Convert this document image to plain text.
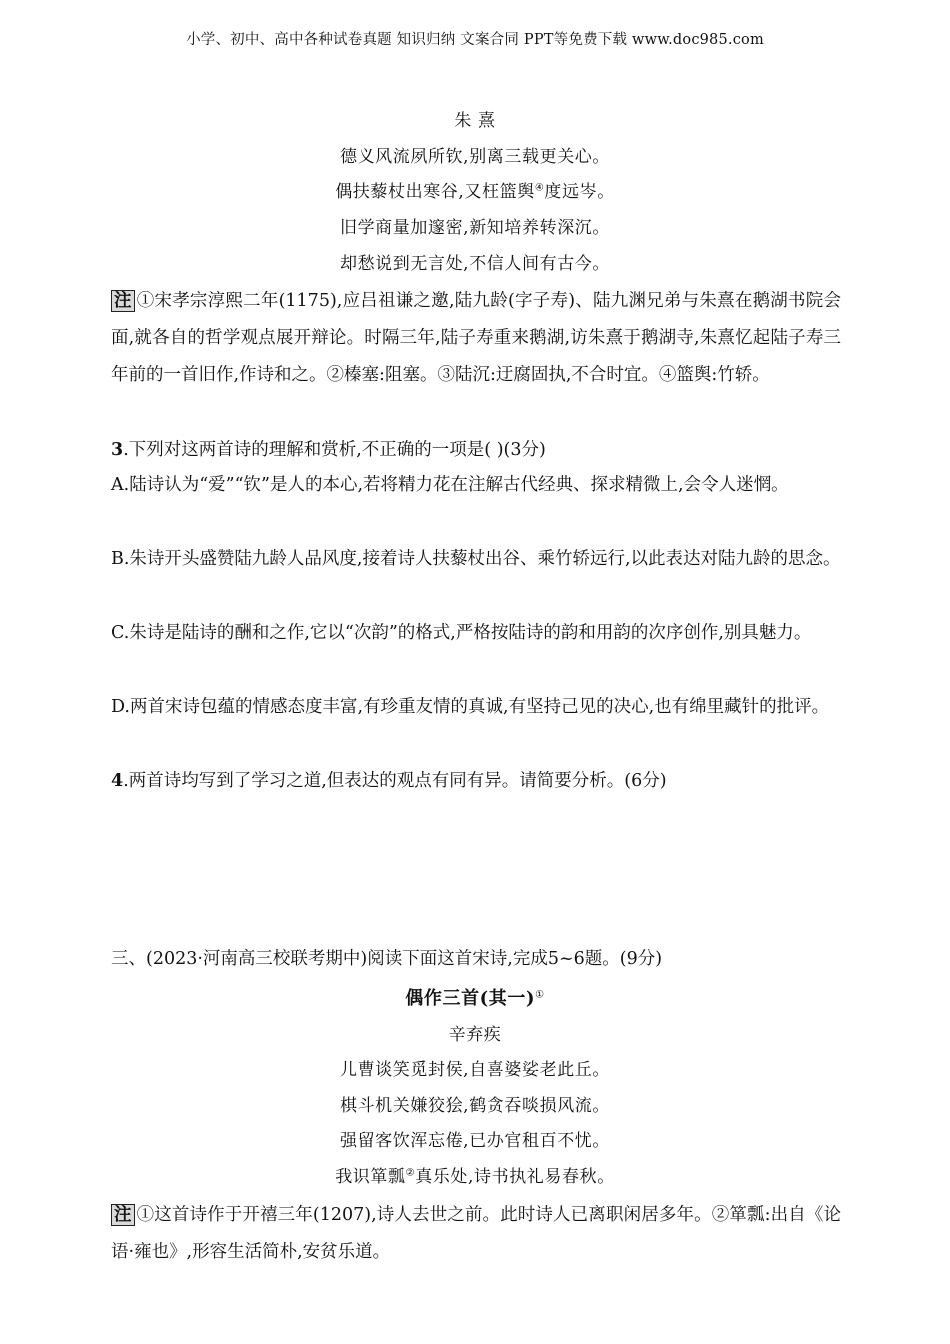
小学、初中、高中各种试卷真题 知识归纳 文案合同 PPT等免费下载 www.doc985.com
朱 熹
德义风流夙所钦,别离三载更关心。
偶扶藜杖出寒谷,又枉篮舆④度远岑。
旧学商量加邃密,新知培养转深沉。
却愁说到无言处,不信人间有古今。
注 ①宋孝宗淳熙二年(1175),应吕祖谦之邀,陆九龄(字子寿)、陆九渊兄弟与朱熹在鹅湖书院会面,就各自的哲学观点展开辩论。时隔三年,陆子寿重来鹅湖,访朱熹于鹅湖寺,朱熹忆起陆子寿三年前的一首旧作,作诗和之。②榛塞:阻塞。③陆沉:迂腐固执,不合时宜。④篮舆:竹轿。
3.下列对这两首诗的理解和赏析,不正确的一项是( )(3分)
A.陆诗认为“爱”“钦”是人的本心,若将精力花在注解古代经典、探求精微上,会令人迷惘。
B.朱诗开头盛赞陆九龄人品风度,接着诗人扶藜杖出谷、乘竹轿远行,以此表达对陆九龄的思念。
C.朱诗是陆诗的酬和之作,它以“次韵”的格式,严格按陆诗的韵和用韵的次序创作,别具魅力。
D.两首宋诗包蕴的情感态度丰富,有珍重友情的真诚,有坚持己见的决心,也有绵里藏针的批评。
4.两首诗均写到了学习之道,但表达的观点有同有异。请简要分析。(6分)
三、(2023·河南高三校联考期中)阅读下面这首宋诗,完成5~6题。(9分)
偶作三首(其一)①
辛弃疾
儿曹谈笑觅封侯,自喜婆娑老此丘。
棋斗机关嫌狡狯,鹤贪吞啖损风流。
强留客饮浑忘倦,已办官租百不忧。
我识箪瓢②真乐处,诗书执礼易春秋。
注 ①这首诗作于开禧三年(1207),诗人去世之前。此时诗人已离职闲居多年。②箪瓢:出自《论语·雍也》,形容生活简朴,安贫乐道。
